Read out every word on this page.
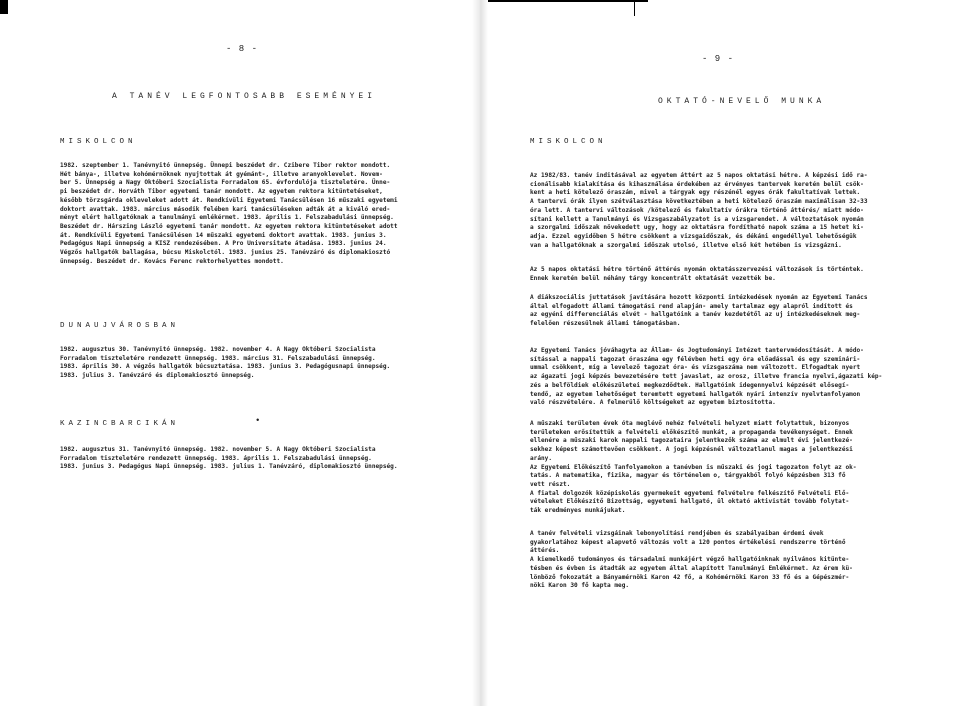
- 8 -
A TANÉV LEGFONTOSABB ESEMÉNYEI
MISKOLCON
1982. szeptember 1. Tanévnyitó ünnepség. Ünnepi beszédet dr. Czibere Tibor rektor mondott.
Hét bánya-, illetve kohómérnöknek nyujtottak át gyémánt-, illetve aranyoklevelet. Novem-
ber 5. Ünnepség a Nagy Októberi Szocialista Forradalom 65. évfordulója tiszteletére. Ünne-
pi beszédet dr. Horváth Tibor egyetemi tanár mondott. Az egyetem rektora kitüntetéseket,
később törzsgárda okleveleket adott át. Rendkívüli Egyetemi Tanácsülésen 16 műszaki egyetemi
doktort avattak. 1983. március második felében kari tanácsüléseken adták át a kiváló ered-
ményt elért hallgatóknak a tanulmányi emlékérmet. 1983. április 1. Felszabadulási ünnepség.
Beszédet dr. Hárszing László egyetemi tanár mondott. Az egyetem rektora kitüntetéseket adott
át. Rendkívüli Egyetemi Tanácsülésen 14 műszaki egyetemi doktort avattak. 1983. junius 3.
Pedagógus Napi ünnepség a KISZ rendezésében. A Pro Universitate átadása. 1983. junius 24.
Végzős hallgatók ballagása, búcsu Miskolctól. 1983. junius 25. Tanévzáró és diplomakiosztó
ünnepség. Beszédet dr. Kovács Ferenc rektorhelyettes mondott.
DUNAUJVÁROSBAN
1982. augusztus 30. Tanévnyitó ünnepség. 1982. november 4. A Nagy Októberi Szocialista
Forradalom tiszteletére rendezett ünnepség. 1983. március 31. Felszabadulási ünnepség.
1983. április 30. A végzős hallgatók búcsuztatása. 1983. junius 3. Pedagógusnapi ünnepség.
1983. julius 3. Tanévzáró és diplomakiosztó ünnepség.
KAZINCBARCIKÁN	•
1982. augusztus 31. Tanévnyitó ünnepség. 1982. november 5. A Nagy Októberi Szocialista
Forradalom tiszteletére rendezett ünnepség. 1983. április 1. Felszabadulási ünnepség.
1983. junius 3. Pedagógus Napi ünnepség. 1983. julius 1. Tanévzáró, diplomakiosztó ünnepség.
- 9 -
OKTATÓ-NEVELŐ MUNKA
MISKOLCON
Az 1982/83. tanév inditásával az egyetem áttért az 5 napos oktatási hétre. A képzési idő ra-
cionálisabb kialakítása és kihasználása érdekében az érvényes tantervek keretén belül csök-
kent a heti kötelező óraszám, mivel a tárgyak egy részénél egyes órák fakultatívak lettek.
A tantervi órák ilyen szétválasztása következtében a heti kötelező óraszám maximálisan 32-33
óra lett. A tantervi változások /kötelező és fakultatív órákra történő áttérés/ miatt módo-
sítani kellett a Tanulmányi és Vizsgaszabályzatot is a vizsgarendet. A változtatások nyomán
a szorgalmi időszak növekedett ugy, hogy az oktatásra fordítható napok száma a 15 hetet ki-
adja. Ezzel egyidőben 5 hétre csökkent a vizsgaidőszak, és dékáni engedéllyel lehetőségük
van a hallgatóknak a szorgalmi időszak utolsó, illetve első két hetében is vizsgázni.
Az 5 napos oktatási hétre történő áttérés nyomán oktatásszervezési változások is történtek.
Ennek keretén belül néhány tárgy koncentrált oktatását vezették be.
A diákszociális juttatások javítására hozott központi intézkedések nyomán az Egyetemi Tanács
által elfogadott állami támogatási rend alapján- amely tartalmaz egy alapról indított és
az egyéni differenciálás elvét - hallgatóink a tanév kezdetétől az uj intézkedéseknek meg-
felelően részesülnek állami támogatásban.
Az Egyetemi Tanács jóváhagyta az Állam- és Jogtudományi Intézet tantervmódosítását. A módo-
sítással a nappali tagozat óraszáma egy félévben heti egy óra előadással és egy szeminári-
ummal csökkent, míg a levelező tagozat óra- és vizsgaszáma nem változott. Elfogadtak nyert
az ágazati jogi képzés bevezetésére tett javaslat, az orosz, illetve francia nyelvi,ágazati kép-
zés a belföldiek előkészületei megkezdődtek. Hallgatóink idegennyelvi képzését elősegí-
tendő, az egyetem lehetőséget teremtett egyetemi hallgatók nyári intenzív nyelvtanfolyamon
való részvételére. A felmerülő költségeket az egyetem biztosította.
A műszaki területen évek óta meglévő nehéz felvételi helyzet miatt folytattuk, bizonyos
területeken erősítettük a felvételi előkészítő munkát, a propaganda tevékenységet. Ennek
ellenére a műszaki karok nappali tagozataira jelentkezők száma az elmult évi jelentkezé-
sekhez képest számottevően csökkent. A jogi képzésnél változatlanul magas a jelentkezési
arány.
Az Egyetemi Előkészítő Tanfolyamokon a tanévben is műszaki és jogi tagozaton folyt az ok-
tatás. A matematika, fizika, magyar és történelem o, tárgyakból folyó képzésben 313 fő
vett részt.
A fiatal dolgozók középiskolás gyermekeit egyetemi felvételre felkészítő Felvételi Elő-
vételeket Előkészítő Bizottság, egyetemi hallgató, ül oktató aktivistát tovább folytat-
ták eredményes munkájukat.
A tanév felvételi vizsgáinak lebonyolítási rendjében és szabályaiban érdemi évek
gyakorlatához képest alapvető változás volt a 120 pontos értékelési rendszerre történő
áttérés.
A kiemelkedő tudományos és társadalmi munkájért végző hallgatóinknak nyilvános kitünte-
tésben és évben is átadták az egyetem által alapított Tanulmányi Emlékérmet. Az érem kü-
lönböző fokozatát a Bányamérnöki Karon 42 fő, a Kohómérnöki Karon 33 fő és a Gépészmér-
nöki Karon 30 fő kapta meg.
